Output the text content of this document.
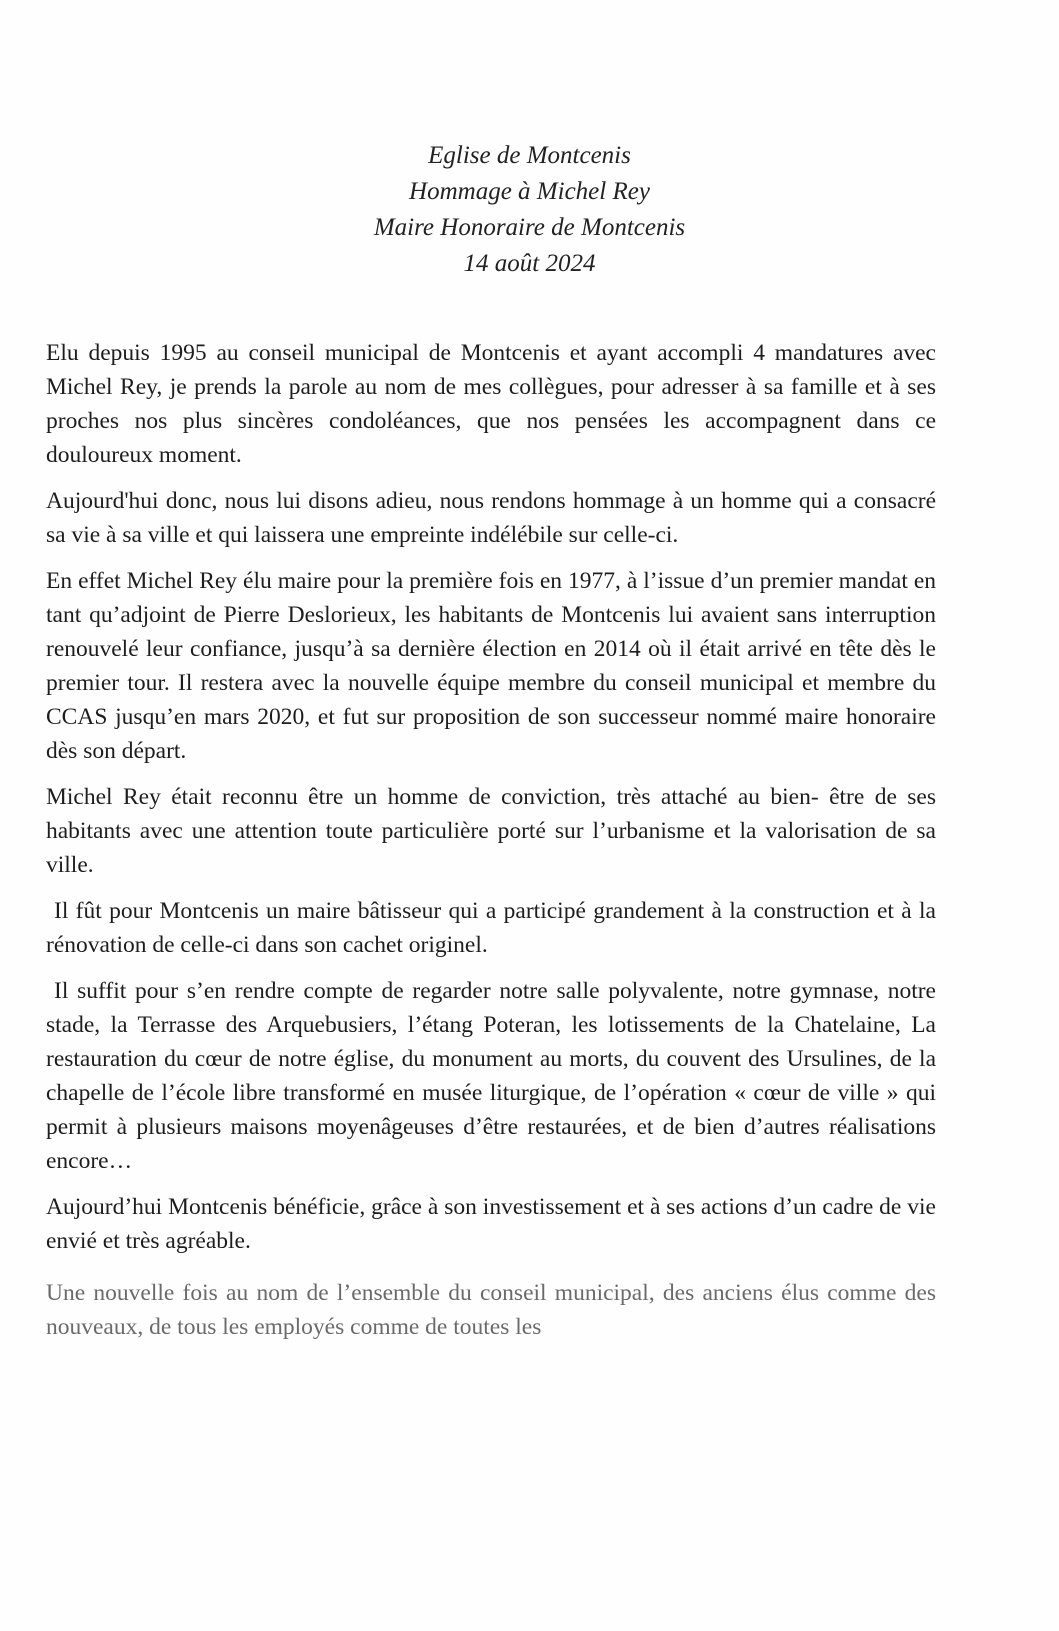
Eglise de Montcenis
Hommage à Michel Rey
Maire Honoraire de Montcenis
14 août 2024

Elu depuis 1995 au conseil municipal de Montcenis et ayant accompli 4 mandatures avec Michel Rey, je prends la parole au nom de mes collègues, pour adresser à sa famille et à ses proches nos plus sincères condoléances, que nos pensées les accompagnent dans ce douloureux moment.

Aujourd'hui donc, nous lui disons adieu, nous rendons hommage à un homme qui a consacré sa vie à sa ville et qui laissera une empreinte indélébile sur celle-ci.

En effet Michel Rey élu maire pour la première fois en 1977, à l’issue d’un premier mandat en tant qu’adjoint de Pierre Deslorieux, les habitants de Montcenis lui avaient sans interruption renouvelé leur confiance, jusqu’à sa dernière élection en 2014 où il était arrivé en tête dès le premier tour. Il restera avec la nouvelle équipe membre du conseil municipal et membre du CCAS jusqu’en mars 2020, et fut sur proposition de son successeur nommé maire honoraire dès son départ.

Michel Rey était reconnu être un homme de conviction, très attaché au bien- être de ses habitants avec une attention toute particulière porté sur l’urbanisme et la valorisation de sa ville.

Il fût pour Montcenis un maire bâtisseur qui a participé grandement à la construction et à la rénovation de celle-ci dans son cachet originel.

Il suffit pour s’en rendre compte de regarder notre salle polyvalente, notre gymnase, notre stade, la Terrasse des Arquebusiers, l’étang Poteran, les lotissements de la Chatelaine, La restauration du cœur de notre église, du monument au morts, du couvent des Ursulines, de la chapelle de l’école libre transformé en musée liturgique, de l’opération « cœur de ville » qui permit à plusieurs maisons moyenâgeuses d’être restaurées, et de bien d’autres réalisations encore…

Aujourd’hui Montcenis bénéficie, grâce à son investissement et à ses actions d’un cadre de vie envié et très agréable.

Une nouvelle fois au nom de l’ensemble du conseil municipal, des anciens élus comme des nouveaux, de tous les employés comme de toutes les
